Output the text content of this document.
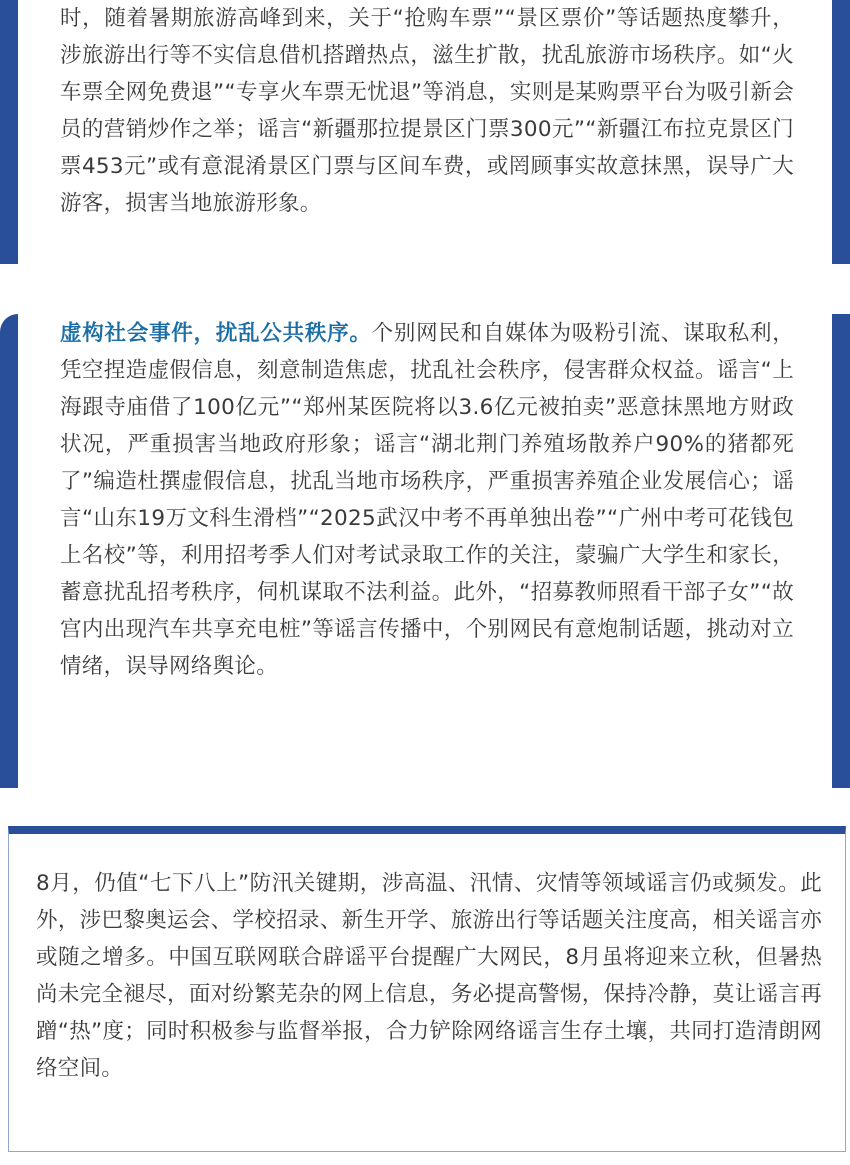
时，随着暑期旅游高峰到来，关于“抢购车票”“景区票价”等话题热度攀升，涉旅游出行等不实信息借机搭蹭热点，滋生扩散，扰乱旅游市场秩序。如“火车票全网免费退”“专享火车票无忧退”等消息，实则是某购票平台为吸引新会员的营销炒作之举；谣言“新疆那拉提景区门票300元”“新疆江布拉克景区门票453元”或有意混淆景区门票与区间车费，或罔顾事实故意抹黑，误导广大游客，损害当地旅游形象。

虚构社会事件，扰乱公共秩序。个别网民和自媒体为吸粉引流、谋取私利，凭空捏造虚假信息，刻意制造焦虑，扰乱社会秩序，侵害群众权益。谣言“上海跟寺庙借了100亿元”“郑州某医院将以3.6亿元被拍卖”恶意抹黑地方财政状况，严重损害当地政府形象；谣言“湖北荆门养殖场散养户90%的猪都死了”编造杜撰虚假信息，扰乱当地市场秩序，严重损害养殖企业发展信心；谣言“山东19万文科生滑档”“2025武汉中考不再单独出卷”“广州中考可花钱包上名校”等，利用招考季人们对考试录取工作的关注，蒙骗广大学生和家长，蓄意扰乱招考秩序，伺机谋取不法利益。此外，“招募教师照看干部子女”“故宫内出现汽车共享充电桩”等谣言传播中，个别网民有意炮制话题，挑动对立情绪，误导网络舆论。

8月，仍值“七下八上”防汛关键期，涉高温、汛情、灾情等领域谣言仍或频发。此外，涉巴黎奥运会、学校招录、新生开学、旅游出行等话题关注度高，相关谣言亦或随之增多。中国互联网联合辟谣平台提醒广大网民，8月虽将迎来立秋，但暑热尚未完全褪尽，面对纷繁芜杂的网上信息，务必提高警惕，保持冷静，莫让谣言再蹭“热”度；同时积极参与监督举报，合力铲除网络谣言生存土壤，共同打造清朗网络空间。
